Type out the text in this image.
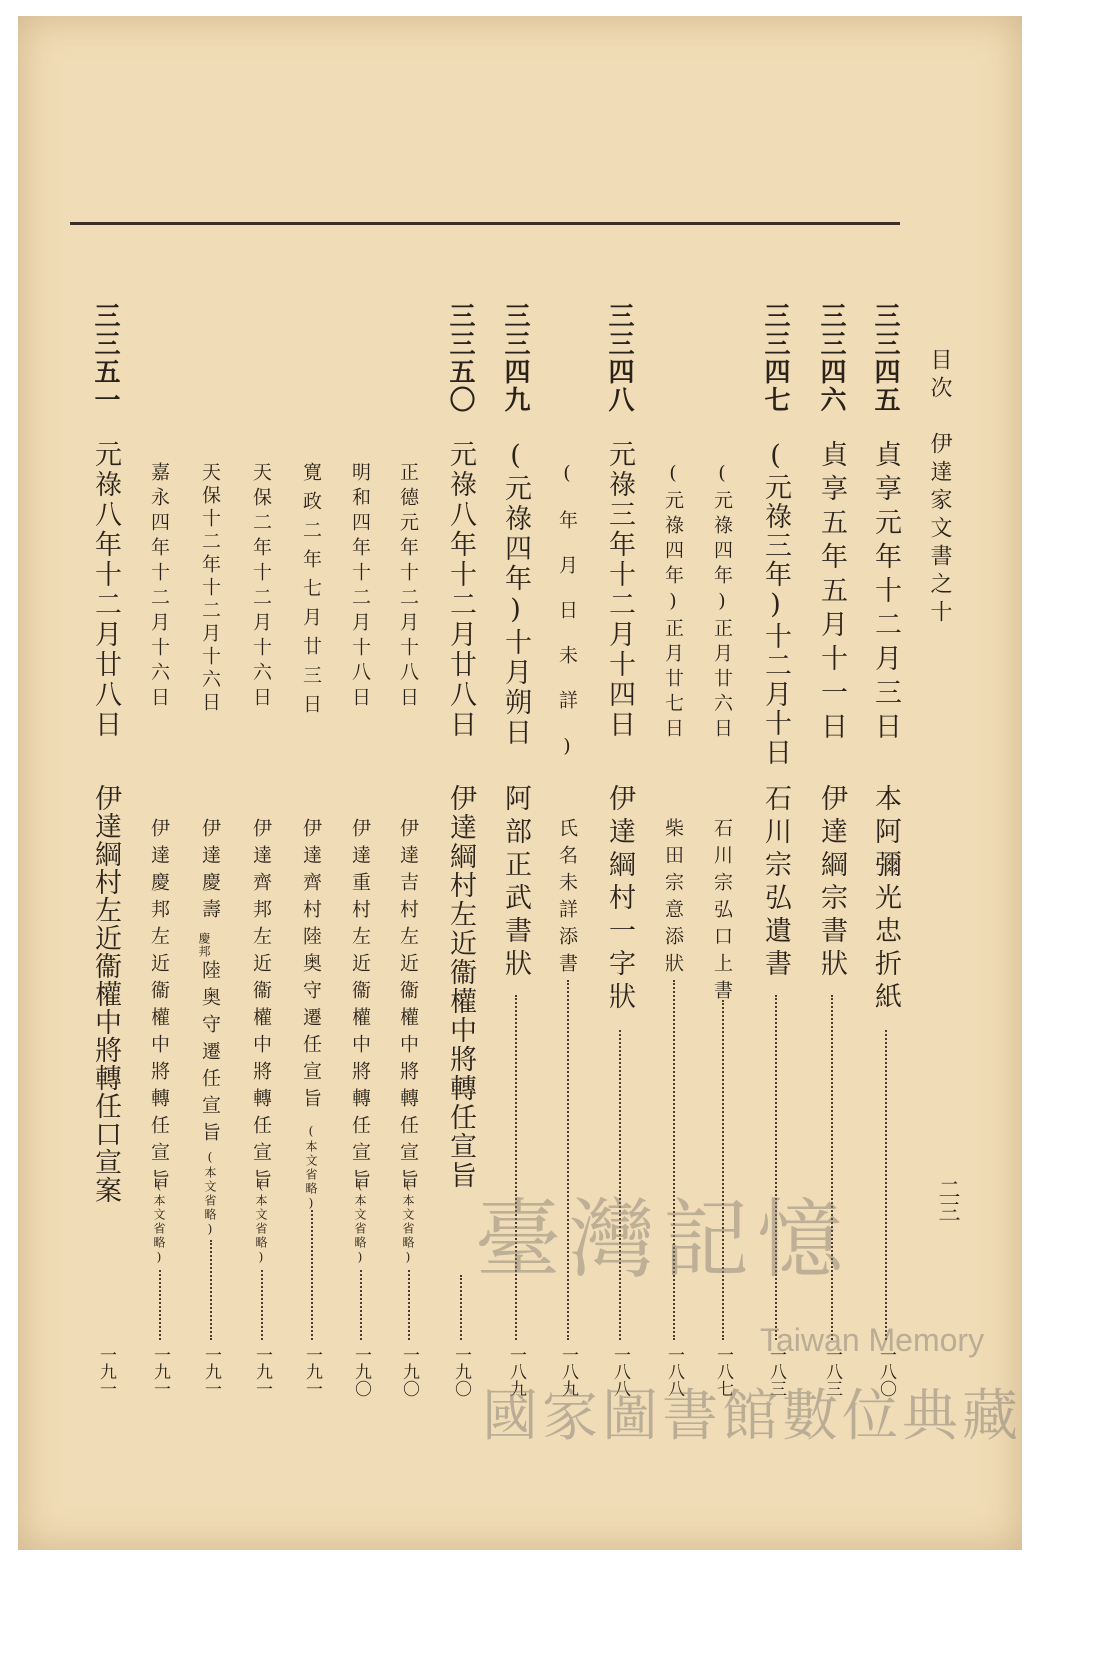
目次　伊達家文書之十
二三
三三四五
貞享元年十二月三日
本阿彌光忠折紙
一八〇
三三四六
貞享五年五月十一日
伊達綱宗書狀
一八三
三三四七
(元祿三年)十二月十日
石川宗弘遺書
一八三
(元祿四年)正月廿六日
石川宗弘口上書
一八七
(元祿四年)正月廿七日
柴田宗意添狀
一八八
三三四八
元祿三年十二月十四日
伊達綱村一字狀
一八八
(年月日未詳)
氏名未詳添書
一八九
三三四九
(元祿四年)十月朔日
阿部正武書狀
一八九
三三五〇
元祿八年十二月廿八日
伊達綱村左近衞權中將轉任宣旨
一九〇
正德元年十二月十八日
伊達吉村左近衞權中將轉任宣旨
(本文省略)
一九〇
明和四年十二月十八日
伊達重村左近衞權中將轉任宣旨
(本文省略)
一九〇
寛政二年七月廿三日
伊達齊村陸奥守遷任宣旨
(本文省略)
一九一
天保二年十二月十六日
伊達齊邦左近衞權中將轉任宣旨
(本文省略)
一九一
天保十二年十二月十六日
伊達慶壽
慶邦
陸奥守遷任宣旨
(本文省略)
一九一
嘉永四年十二月十六日
伊達慶邦左近衞權中將轉任宣旨
(本文省略)
一九一
三三五一
元祿八年十二月廿八日
伊達綱村左近衞權中將轉任口宣案
一九一
臺灣記憶
Taiwan Memory
國家圖書館數位典藏
